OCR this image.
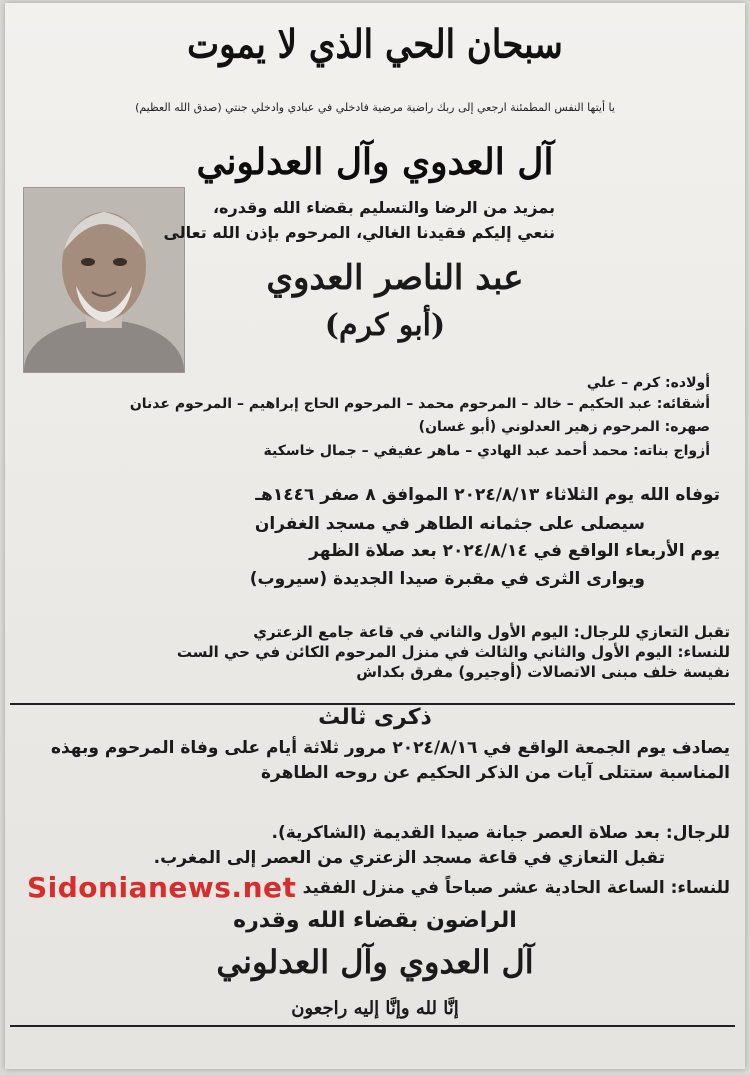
سبحان الحي الذي لا يموت
يا أيتها النفس المطمئنة ارجعي إلى ربك راضية مرضية فادخلي في عبادي وادخلي جنتي (صدق الله العظيم)
آل العدوي وآل العدلوني
بمزيد من الرضا والتسليم بقضاء الله وقدره،
ننعي إليكم فقيدنا الغالي، المرحوم بإذن الله تعالى
عبد الناصر العدوي
(أبو كرم)
أولاده: كرم – علي
أشقائه: عبد الحكيم – خالد – المرحوم محمد – المرحوم الحاج إبراهيم – المرحوم عدنان
صهره: المرحوم زهير العدلوني (أبو غسان)
أزواج بناته: محمد أحمد عبد الهادي – ماهر عفيفي – جمال خاسكية
توفاه الله يوم الثلاثاء ٢٠٢٤/٨/١٣ الموافق ٨ صفر ١٤٤٦هـ
سيصلى على جثمانه الطاهر في مسجد الغفران
يوم الأربعاء الواقع في ٢٠٢٤/٨/١٤ بعد صلاة الظهر
ويوارى الثرى في مقبرة صيدا الجديدة (سيروب)
تقبل التعازي للرجال: اليوم الأول والثاني في قاعة جامع الزعتري
للنساء: اليوم الأول والثاني والثالث في منزل المرحوم الكائن في حي الست
نفيسة خلف مبنى الاتصالات (أوجيرو) مفرق بكداش
ذكرى ثالث
يصادف يوم الجمعة الواقع في ٢٠٢٤/٨/١٦ مرور ثلاثة أيام على وفاة المرحوم وبهذه
المناسبة ستتلى آيات من الذكر الحكيم عن روحه الطاهرة
للرجال: بعد صلاة العصر جبانة صيدا القديمة (الشاكرية).
تقبل التعازي في قاعة مسجد الزعتري من العصر إلى المغرب.
للنساء: الساعة الحادية عشر صباحاً في منزل الفقيد
Sidonianews.net
الراضون بقضاء الله وقدره
آل العدوي وآل العدلوني
إنَّا لله وإنَّا إليه راجعون
